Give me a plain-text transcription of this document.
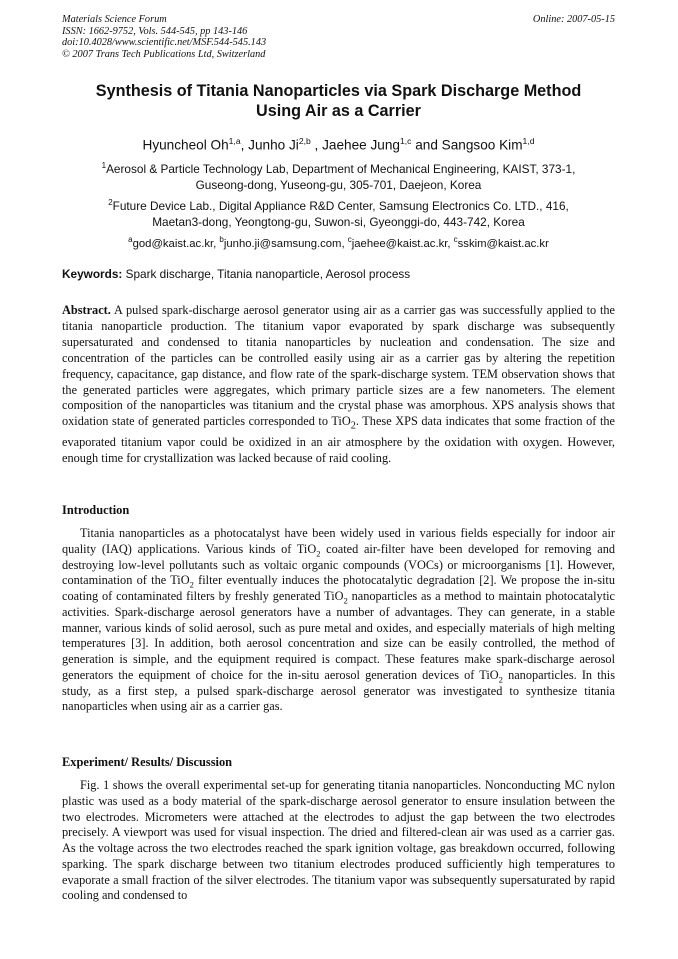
Materials Science Forum
ISSN: 1662-9752, Vols. 544-545, pp 143-146
doi:10.4028/www.scientific.net/MSF.544-545.143
© 2007 Trans Tech Publications Ltd, Switzerland
Online: 2007-05-15
Synthesis of Titania Nanoparticles via Spark Discharge Method
Using Air as a Carrier
Hyuncheol Oh$^{1,a}$, Junho Ji$^{2,b}$ , Jaehee Jung$^{1,c}$ and Sangsoo Kim$^{1,d}$
$^1$Aerosol & Particle Technology Lab, Department of Mechanical Engineering, KAIST, 373-1,
Guseong-dong, Yuseong-gu, 305-701, Daejeon, Korea
$^2$Future Device Lab., Digital Appliance R&D Center, Samsung Electronics Co. LTD., 416,
Maetan3-dong, Yeongtong-gu, Suwon-si, Gyeonggi-do, 443-742, Korea
$^a$god@kaist.ac.kr, $^b$junho.ji@samsung.com, $^c$jaehee@kaist.ac.kr, $^c$sskim@kaist.ac.kr
Keywords: Spark discharge, Titania nanoparticle, Aerosol process
Abstract. A pulsed spark-discharge aerosol generator using air as a carrier gas was successfully applied to the titania nanoparticle production. The titanium vapor evaporated by spark discharge was subsequently supersaturated and condensed to titania nanoparticles by nucleation and condensation. The size and concentration of the particles can be controlled easily using air as a carrier gas by altering the repetition frequency, capacitance, gap distance, and flow rate of the spark-discharge system. TEM observation shows that the generated particles were aggregates, which primary particle sizes are a few nanometers. The element composition of the nanoparticles was titanium and the crystal phase was amorphous. XPS analysis shows that oxidation state of generated particles corresponded to TiO$_2$. These XPS data indicates that some fraction of the evaporated titanium vapor could be oxidized in an air atmosphere by the oxidation with oxygen. However, enough time for crystallization was lacked because of raid cooling.
Introduction
Titania nanoparticles as a photocatalyst have been widely used in various fields especially for indoor air quality (IAQ) applications. Various kinds of TiO$_2$ coated air-filter have been developed for removing and destroying low-level pollutants such as voltaic organic compounds (VOCs) or microorganisms [1]. However, contamination of the TiO$_2$ filter eventually induces the photocatalytic degradation [2]. We propose the in-situ coating of contaminated filters by freshly generated TiO$_2$ nanoparticles as a method to maintain photocatalytic activities. Spark-discharge aerosol generators have a number of advantages. They can generate, in a stable manner, various kinds of solid aerosol, such as pure metal and oxides, and especially materials of high melting temperatures [3]. In addition, both aerosol concentration and size can be easily controlled, the method of generation is simple, and the equipment required is compact. These features make spark-discharge aerosol generators the equipment of choice for the in-situ aerosol generation devices of TiO$_2$ nanoparticles. In this study, as a first step, a pulsed spark-discharge aerosol generator was investigated to synthesize titania nanoparticles when using air as a carrier gas.
Experiment/ Results/ Discussion
Fig. 1 shows the overall experimental set-up for generating titania nanoparticles. Nonconducting MC nylon plastic was used as a body material of the spark-discharge aerosol generator to ensure insulation between the two electrodes. Micrometers were attached at the electrodes to adjust the gap between the two electrodes precisely. A viewport was used for visual inspection. The dried and filtered-clean air was used as a carrier gas. As the voltage across the two electrodes reached the spark ignition voltage, gas breakdown occurred, following sparking. The spark discharge between two titanium electrodes produced sufficiently high temperatures to evaporate a small fraction of the silver electrodes. The titanium vapor was subsequently supersaturated by rapid cooling and condensed to
